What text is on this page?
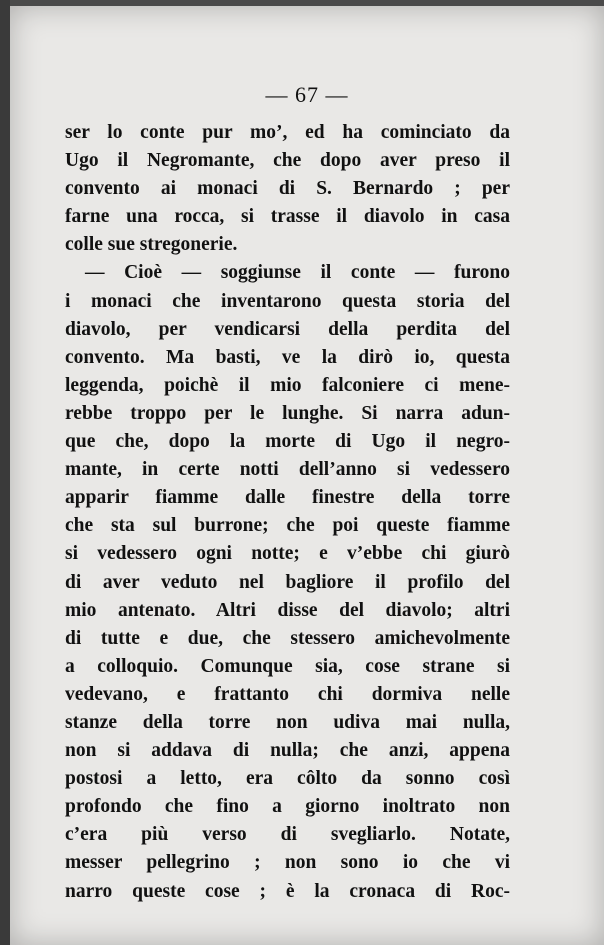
— 67 —
ser lo conte pur mo’, ed ha cominciato da
Ugo il Negromante, che dopo aver preso il
convento ai monaci di S. Bernardo ; per
farne una rocca, si trasse il diavolo in casa
colle sue stregonerie.
— Cioè — soggiunse il conte — furono
i monaci che inventarono questa storia del
diavolo, per vendicarsi della perdita del
convento. Ma basti, ve la dirò io, questa
leggenda, poichè il mio falconiere ci mene-
rebbe troppo per le lunghe. Si narra adun-
que che, dopo la morte di Ugo il negro-
mante, in certe notti dell’anno si vedessero
apparir fiamme dalle finestre della torre
che sta sul burrone; che poi queste fiamme
si vedessero ogni notte; e v’ebbe chi giurò
di aver veduto nel bagliore il profilo del
mio antenato. Altri disse del diavolo; altri
di tutte e due, che stessero amichevolmente
a colloquio. Comunque sia, cose strane si
vedevano, e frattanto chi dormiva nelle
stanze della torre non udiva mai nulla,
non si addava di nulla; che anzi, appena
postosi a letto, era côlto da sonno così
profondo che fino a giorno inoltrato non
c’era più verso di svegliarlo. Notate,
messer pellegrino ; non sono io che vi
narro queste cose ; è la cronaca di Roc-
